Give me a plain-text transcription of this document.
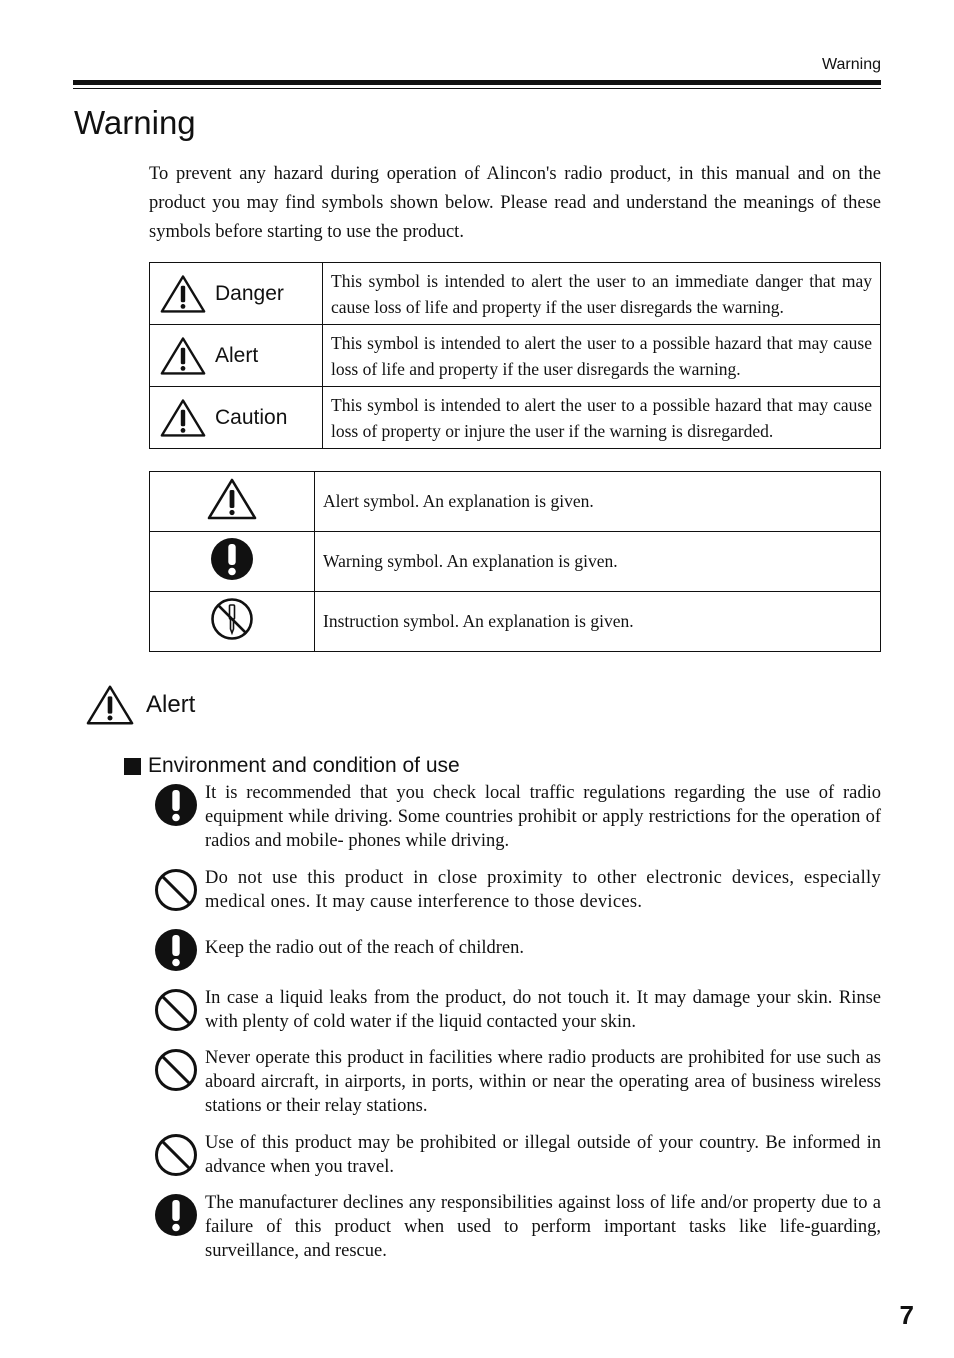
Warning
Warning
To prevent any hazard during operation of Alincon's radio product, in this manual and on the product you may find symbols shown below. Please read and understand the meanings of these symbols before starting to use the product.
Danger	This symbol is intended to alert the user to an immediate danger that may cause loss of life and property if the user disregards the warning.

Alert	This symbol is intended to alert the user to a possible hazard that may cause loss of life and property if the user disregards the warning.

Caution	This symbol is intended to alert the user to a possible hazard that may cause loss of property or injure the user if the warning is disregarded.
	Alert symbol. An explanation is given.
	Warning symbol. An explanation is given.
	Instruction symbol. An explanation is given.
Alert
Environment and condition of use

It is recommended that you check local traffic regulations regarding the use of radio equipment while driving. Some countries prohibit or apply restrictions for the operation of radios and mobile- phones while driving.

Do not use this product in close proximity to other electronic devices, especially medical ones. It may cause interference to those devices.

Keep the radio out of the reach of children.

In case a liquid leaks from the product, do not touch it. It may damage your skin. Rinse with plenty of cold water if the liquid contacted your skin.

Never operate this product in facilities where radio products are prohibited for use such as aboard aircraft, in airports, in ports, within or near the operating area of business wireless stations or their relay stations.

Use of this product may be prohibited or illegal outside of your country. Be informed in advance when you travel.

The manufacturer declines any responsibilities against loss of life and/or property due to a failure of this product when used to perform important tasks like life-guarding, surveillance, and rescue.

7
